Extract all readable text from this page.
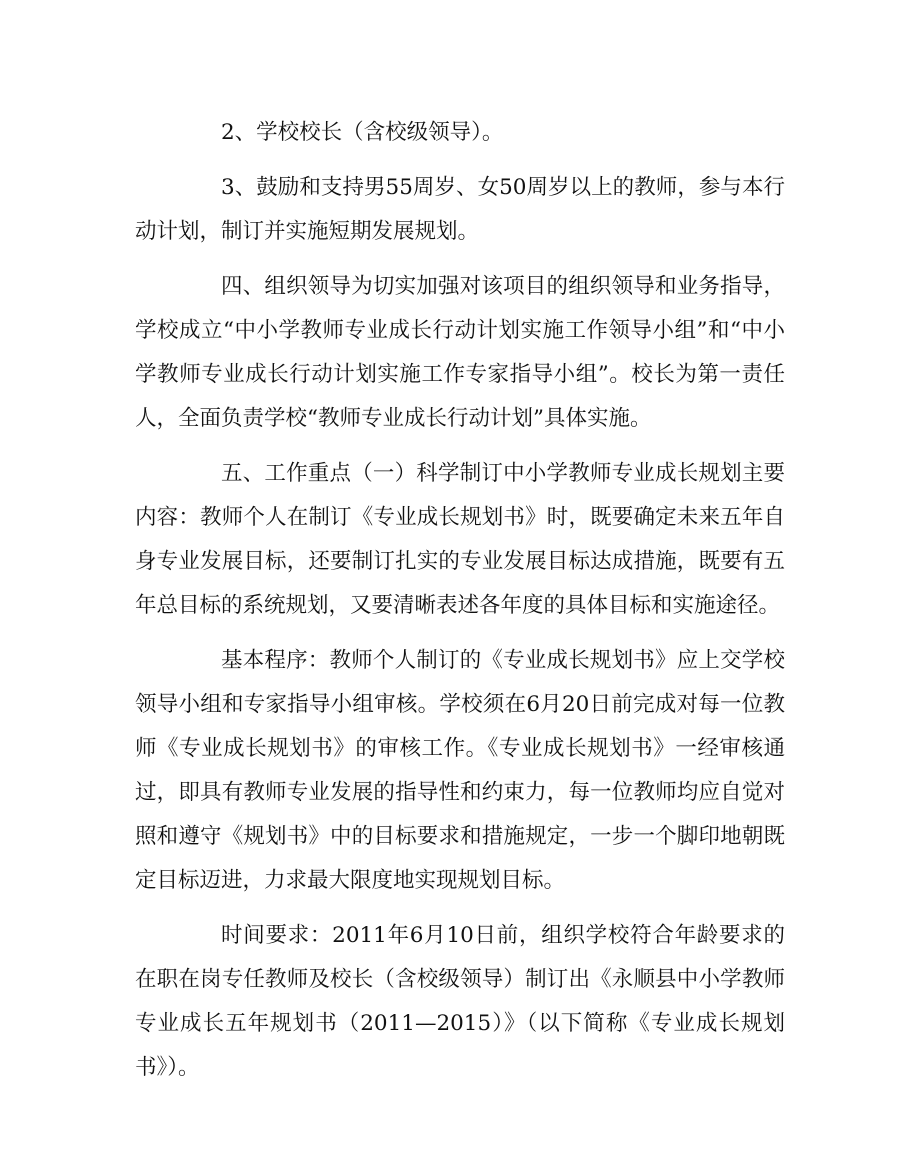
2、学校校长（含校级领导）。

3、鼓励和支持男55周岁、女50周岁以上的教师，参与本行动计划，制订并实施短期发展规划。

四、组织领导为切实加强对该项目的组织领导和业务指导，学校成立“中小学教师专业成长行动计划实施工作领导小组”和“中小学教师专业成长行动计划实施工作专家指导小组”。校长为第一责任人，全面负责学校“教师专业成长行动计划”具体实施。

五、工作重点（一）科学制订中小学教师专业成长规划主要内容：教师个人在制订《专业成长规划书》时，既要确定未来五年自身专业发展目标，还要制订扎实的专业发展目标达成措施，既要有五年总目标的系统规划，又要清晰表述各年度的具体目标和实施途径。

基本程序：教师个人制订的《专业成长规划书》应上交学校领导小组和专家指导小组审核。学校须在6月20日前完成对每一位教师《专业成长规划书》的审核工作。《专业成长规划书》一经审核通过，即具有教师专业发展的指导性和约束力，每一位教师均应自觉对照和遵守《规划书》中的目标要求和措施规定，一步一个脚印地朝既定目标迈进，力求最大限度地实现规划目标。

时间要求：2011年6月10日前，组织学校符合年龄要求的在职在岗专任教师及校长（含校级领导）制订出《永顺县中小学教师专业成长五年规划书（2011—2015）》（以下简称《专业成长规划书》）。
